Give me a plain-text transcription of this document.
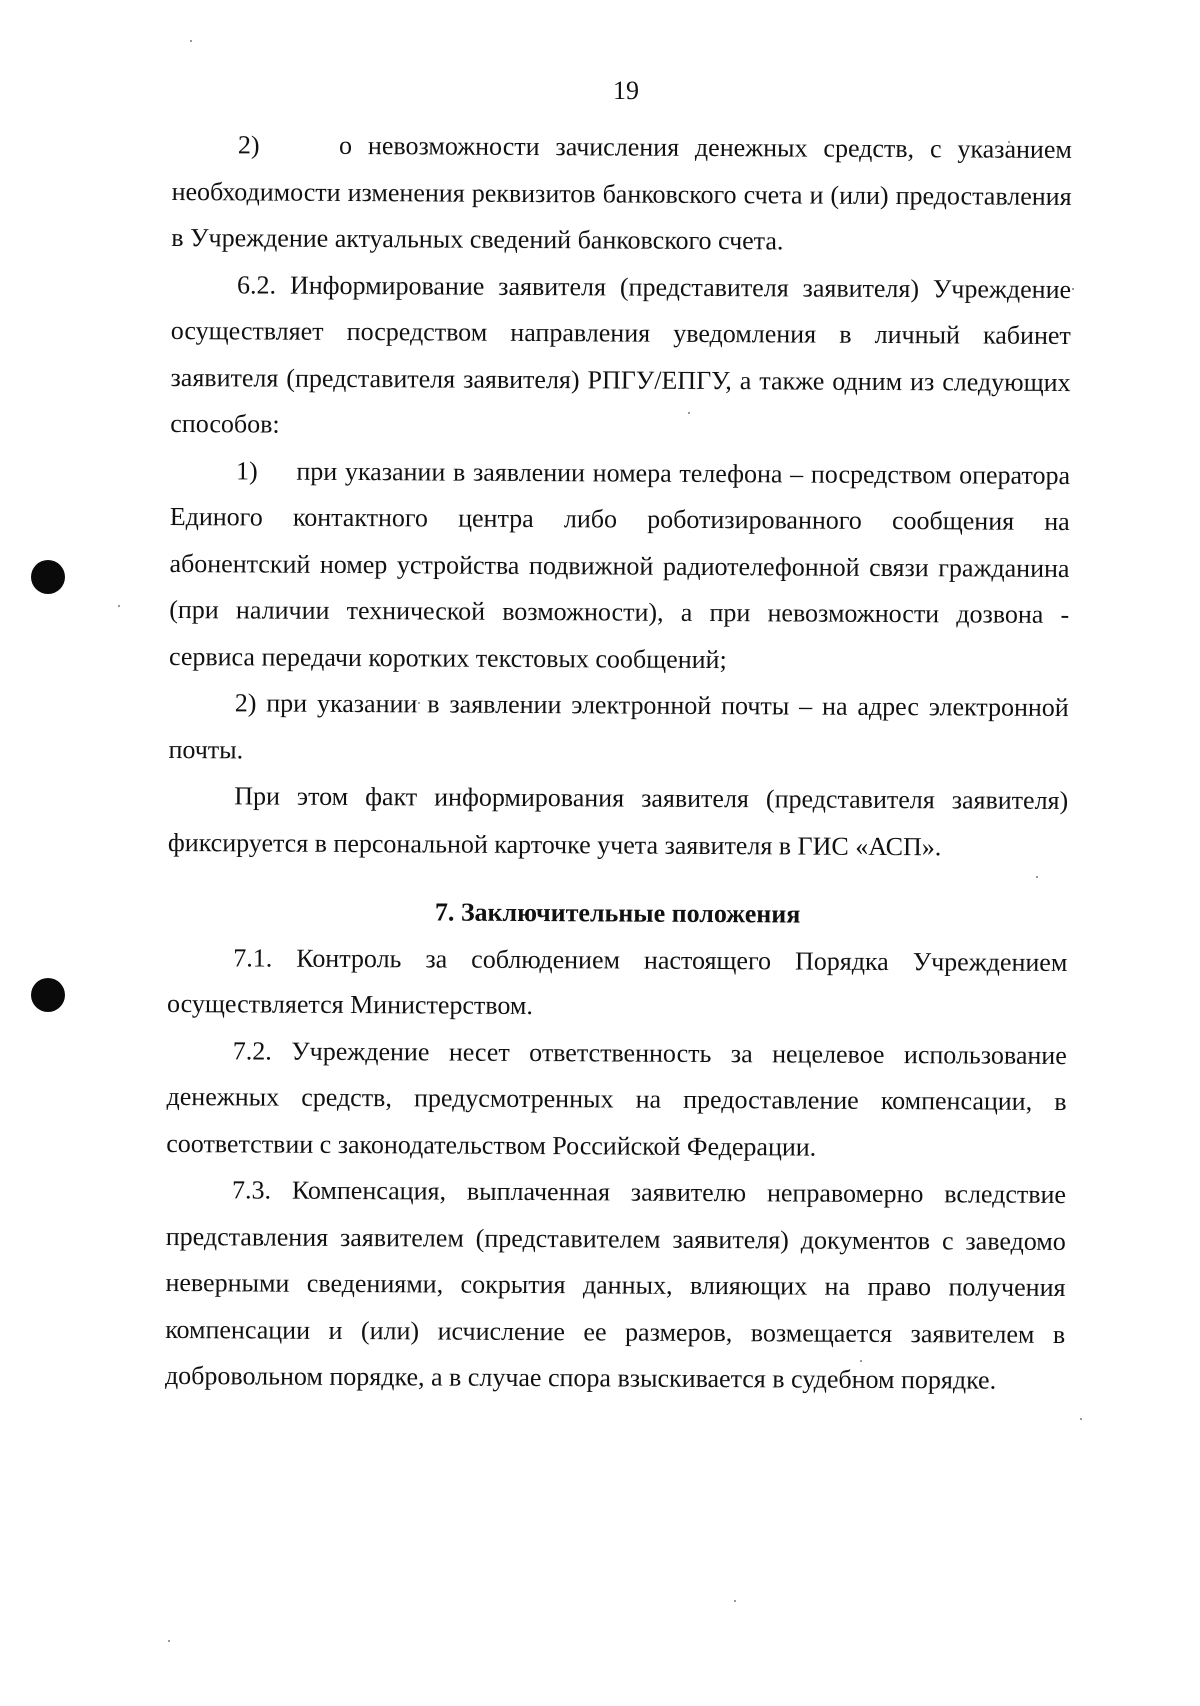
19

2)     о невозможности зачисления денежных средств, с указанием необходимости изменения реквизитов банковского счета и (или) предоставления в Учреждение актуальных сведений банковского счета.

6.2. Информирование заявителя (представителя заявителя) Учреждение осуществляет посредством направления уведомления в личный кабинет заявителя (представителя заявителя) РПГУ/ЕПГУ, а также одним из следующих способов:

1)     при указании в заявлении номера телефона – посредством оператора Единого контактного центра либо роботизированного сообщения на абонентский номер устройства подвижной радиотелефонной связи гражданина (при наличии технической возможности), а при невозможности дозвона - сервиса передачи коротких текстовых сообщений;

2) при указании в заявлении электронной почты – на адрес электронной почты.

При этом факт информирования заявителя (представителя заявителя) фиксируется в персональной карточке учета заявителя в ГИС «АСП».

7. Заключительные положения

7.1. Контроль за соблюдением настоящего Порядка Учреждением осуществляется Министерством.

7.2. Учреждение несет ответственность за нецелевое использование денежных средств, предусмотренных на предоставление компенсации, в соответствии с законодательством Российской Федерации.

7.3. Компенсация, выплаченная заявителю неправомерно вследствие представления заявителем (представителем заявителя) документов с заведомо неверными сведениями, сокрытия данных, влияющих на право получения компенсации и (или) исчисление ее размеров, возмещается заявителем в добровольном порядке, а в случае спора взыскивается в судебном порядке.
